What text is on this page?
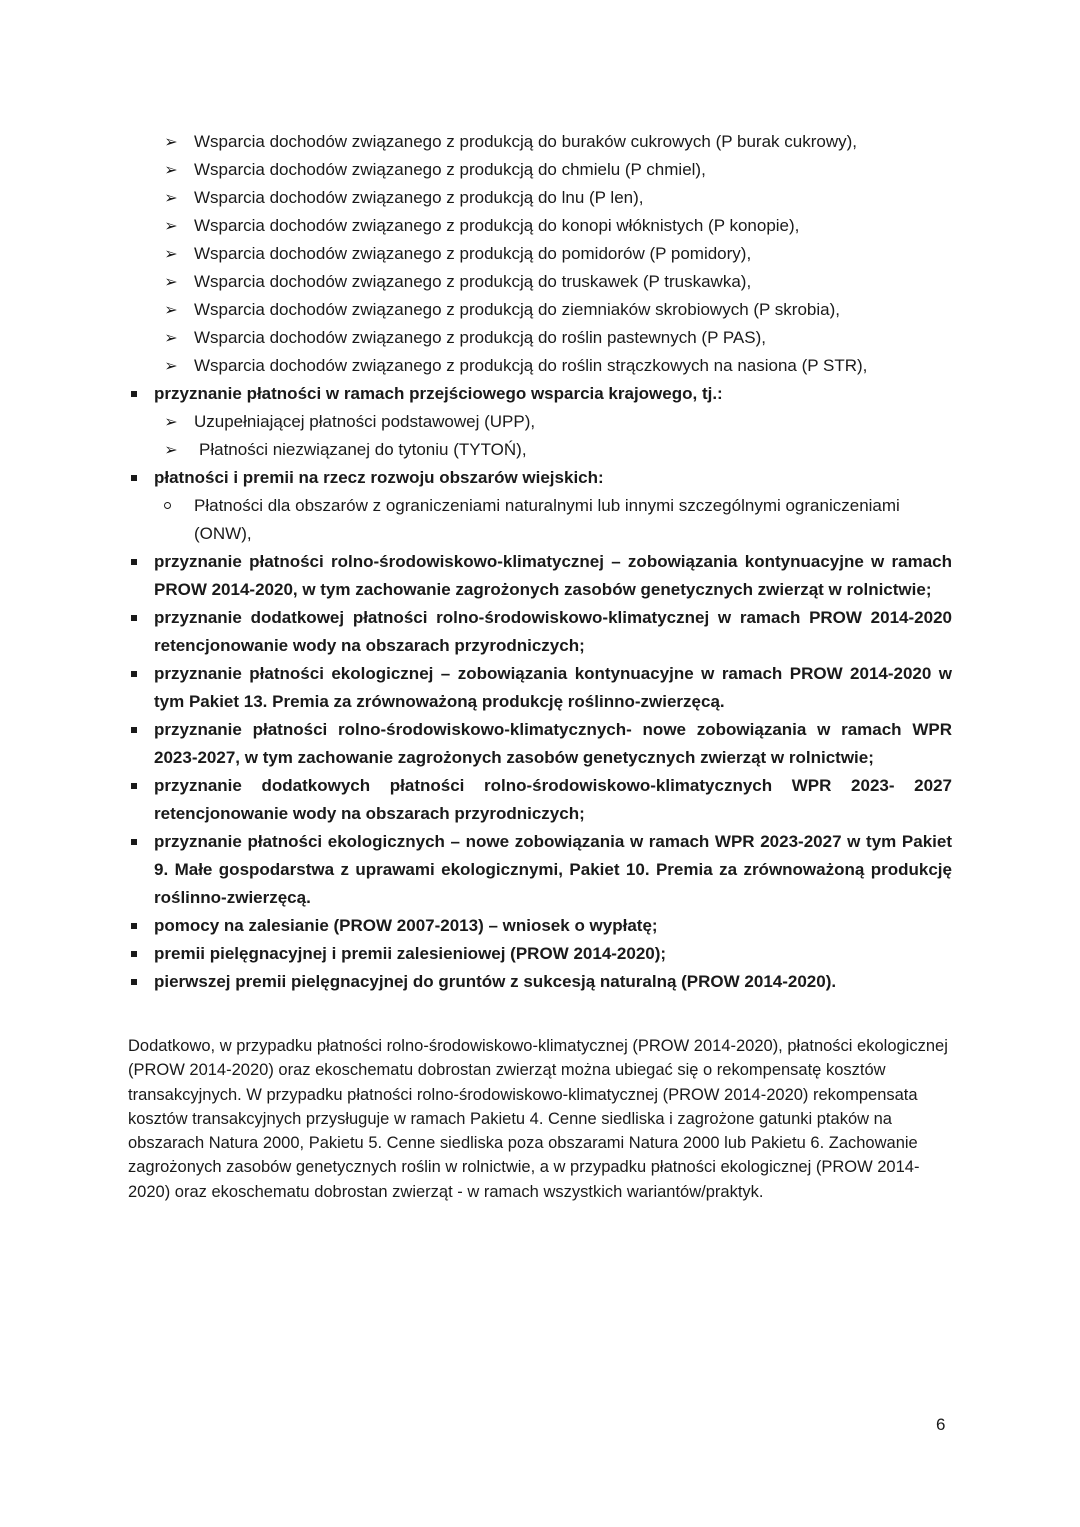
➢ Wsparcia dochodów związanego z produkcją do buraków cukrowych (P burak cukrowy),
➢ Wsparcia dochodów związanego z produkcją do chmielu (P chmiel),
➢ Wsparcia dochodów związanego z produkcją do lnu (P len),
➢ Wsparcia dochodów związanego z produkcją do konopi włóknistych (P konopie),
➢ Wsparcia dochodów związanego z produkcją do pomidorów (P pomidory),
➢ Wsparcia dochodów związanego z produkcją do truskawek (P truskawka),
➢ Wsparcia dochodów związanego z produkcją do ziemniaków skrobiowych (P skrobia),
➢ Wsparcia dochodów związanego z produkcją do roślin pastewnych (P PAS),
➢ Wsparcia dochodów związanego z produkcją do roślin strączkowych na nasiona (P STR),
przyznanie płatności w ramach przejściowego wsparcia krajowego, tj.:
➢ Uzupełniającej płatności podstawowej (UPP),
➢ Płatności niezwiązanej do tytoniu (TYTOŃ),
płatności i premii na rzecz rozwoju obszarów wiejskich:
Płatności dla obszarów z ograniczeniami naturalnymi lub innymi szczególnymi ograniczeniami (ONW),
przyznanie płatności rolno-środowiskowo-klimatycznej – zobowiązania kontynuacyjne w ramach PROW 2014-2020, w tym zachowanie zagrożonych zasobów genetycznych zwierząt w rolnictwie;
przyznanie dodatkowej płatności rolno-środowiskowo-klimatycznej w ramach PROW 2014-2020 retencjonowanie wody na obszarach przyrodniczych;
przyznanie płatności ekologicznej – zobowiązania kontynuacyjne w ramach PROW 2014-2020 w tym Pakiet 13. Premia za zrównoważoną produkcję roślinno-zwierzęcą.
przyznanie płatności rolno-środowiskowo-klimatycznych- nowe zobowiązania w ramach WPR 2023-2027, w tym zachowanie zagrożonych zasobów genetycznych zwierząt w rolnictwie;
przyznanie dodatkowych płatności rolno-środowiskowo-klimatycznych WPR 2023- 2027 retencjonowanie wody na obszarach przyrodniczych;
przyznanie płatności ekologicznych – nowe zobowiązania w ramach WPR 2023-2027 w tym Pakiet 9. Małe gospodarstwa z uprawami ekologicznymi, Pakiet 10. Premia za zrównoważoną produkcję roślinno-zwierzęcą.
pomocy na zalesianie (PROW 2007-2013) – wniosek o wypłatę;
premii pielęgnacyjnej i premii zalesieniowej (PROW 2014-2020);
pierwszej premii pielęgnacyjnej do gruntów z sukcesją naturalną (PROW 2014-2020).

Dodatkowo, w przypadku płatności rolno-środowiskowo-klimatycznej (PROW 2014-2020), płatności ekologicznej (PROW 2014-2020) oraz ekoschematu dobrostan zwierząt można ubiegać się o rekompensatę kosztów transakcyjnych. W przypadku płatności rolno-środowiskowo-klimatycznej (PROW 2014-2020) rekompensata kosztów transakcyjnych przysługuje w ramach Pakietu 4. Cenne siedliska i zagrożone gatunki ptaków na obszarach Natura 2000, Pakietu 5. Cenne siedliska poza obszarami Natura 2000 lub Pakietu 6. Zachowanie zagrożonych zasobów genetycznych roślin w rolnictwie, a w przypadku płatności ekologicznej (PROW 2014-2020) oraz ekoschematu dobrostan zwierząt - w ramach wszystkich wariantów/praktyk.

6
